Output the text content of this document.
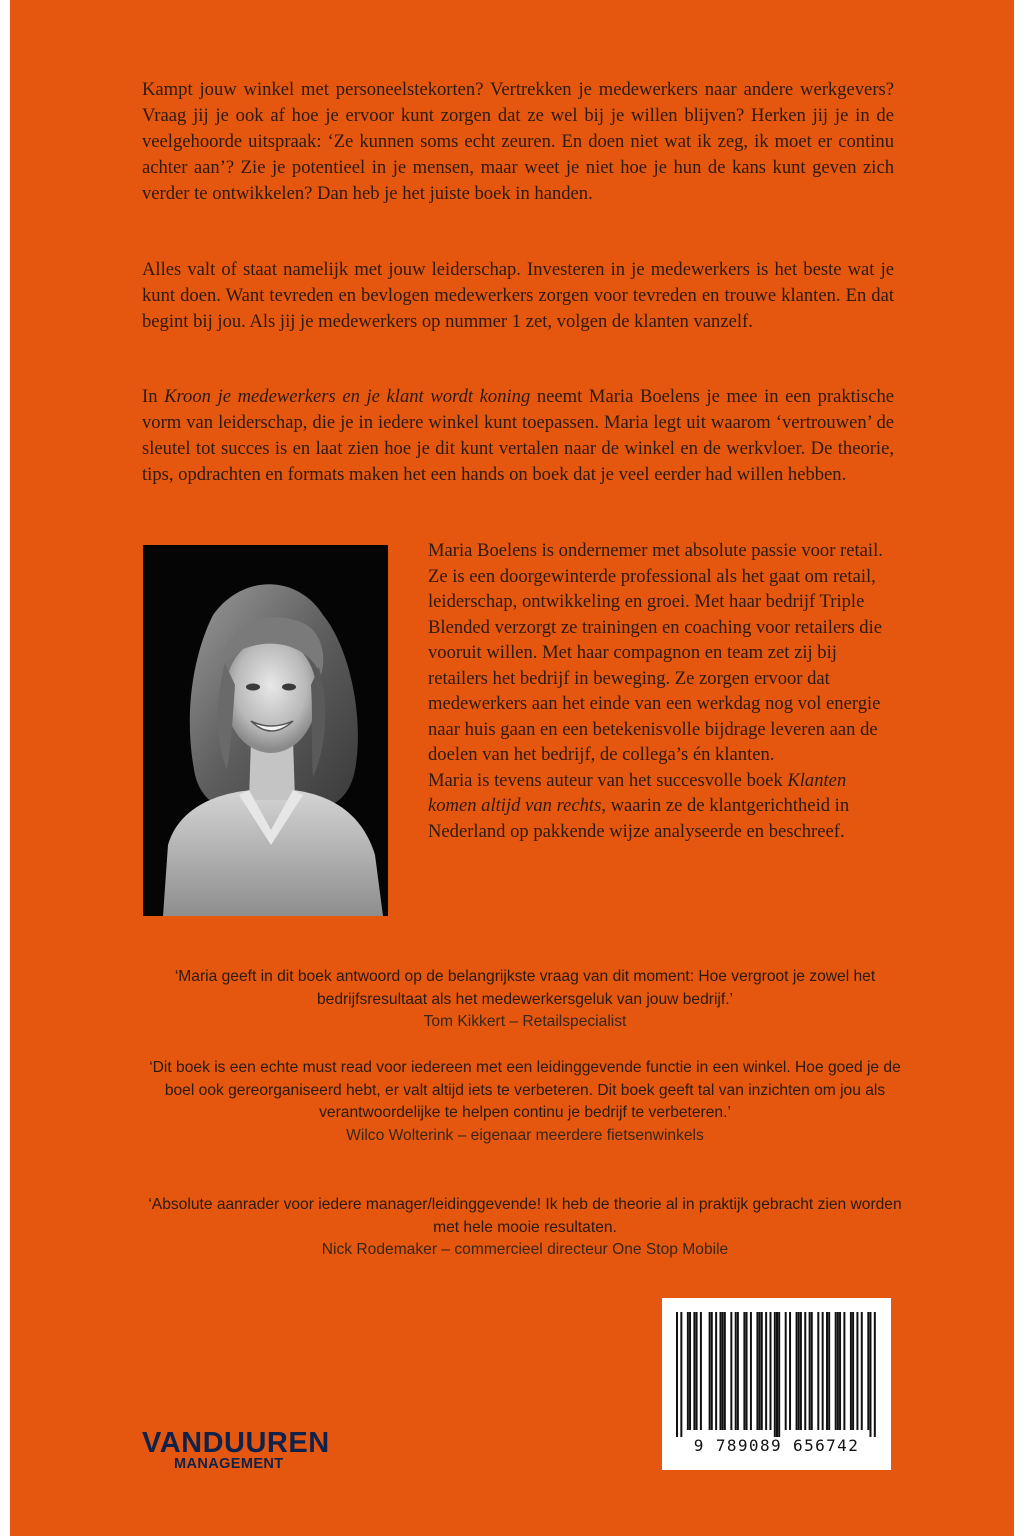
Kampt jouw winkel met personeelstekorten? Vertrekken je medewerkers naar andere werkgevers? Vraag jij je ook af hoe je ervoor kunt zorgen dat ze wel bij je willen blijven? Herken jij je in de veelgehoorde uitspraak: ‘Ze kunnen soms echt zeuren. En doen niet wat ik zeg, ik moet er continu achter aan’? Zie je potentieel in je mensen, maar weet je niet hoe je hun de kans kunt geven zich verder te ontwikkelen? Dan heb je het juiste boek in handen.

Alles valt of staat namelijk met jouw leiderschap. Investeren in je medewerkers is het beste wat je kunt doen. Want tevreden en bevlogen medewerkers zorgen voor tevreden en trouwe klanten. En dat begint bij jou. Als jij je medewerkers op nummer 1 zet, volgen de klanten vanzelf.

In Kroon je medewerkers en je klant wordt koning neemt Maria Boelens je mee in een praktische vorm van leiderschap, die je in iedere winkel kunt toepassen. Maria legt uit waarom ‘vertrouwen’ de sleutel tot succes is en laat zien hoe je dit kunt vertalen naar de winkel en de werkvloer. De theorie, tips, opdrachten en formats maken het een hands on boek dat je veel eerder had willen hebben.

Maria Boelens is ondernemer met absolute passie voor retail. Ze is een doorgewinterde professional als het gaat om retail, leiderschap, ontwikkeling en groei. Met haar bedrijf Triple Blended verzorgt ze trainingen en coaching voor retailers die vooruit willen. Met haar compagnon en team zet zij bij retailers het bedrijf in beweging. Ze zorgen ervoor dat medewerkers aan het einde van een werkdag nog vol energie naar huis gaan en een betekenisvolle bijdrage leveren aan de doelen van het bedrijf, de collega’s én klanten.
Maria is tevens auteur van het succesvolle boek Klanten komen altijd van rechts, waarin ze de klantgerichtheid in Nederland op pakkende wijze analyseerde en beschreef.

‘Maria geeft in dit boek antwoord op de belangrijkste vraag van dit moment: Hoe vergroot je zowel het bedrijfsresultaat als het medewerkersgeluk van jouw bedrijf.’
Tom Kikkert – Retailspecialist
‘Dit boek is een echte must read voor iedereen met een leidinggevende functie in een winkel. Hoe goed je de boel ook gereorganiseerd hebt, er valt altijd iets te verbeteren. Dit boek geeft tal van inzichten om jou als verantwoordelijke te helpen continu je bedrijf te verbeteren.’
Wilco Wolterink – eigenaar meerdere fietsenwinkels
‘Absolute aanrader voor iedere manager/leidinggevende! Ik heb de theorie al in praktijk gebracht zien worden met hele mooie resultaten.
Nick Rodemaker – commercieel directeur One Stop Mobile
VANDUUREN
MANAGEMENT
9 789089 656742
